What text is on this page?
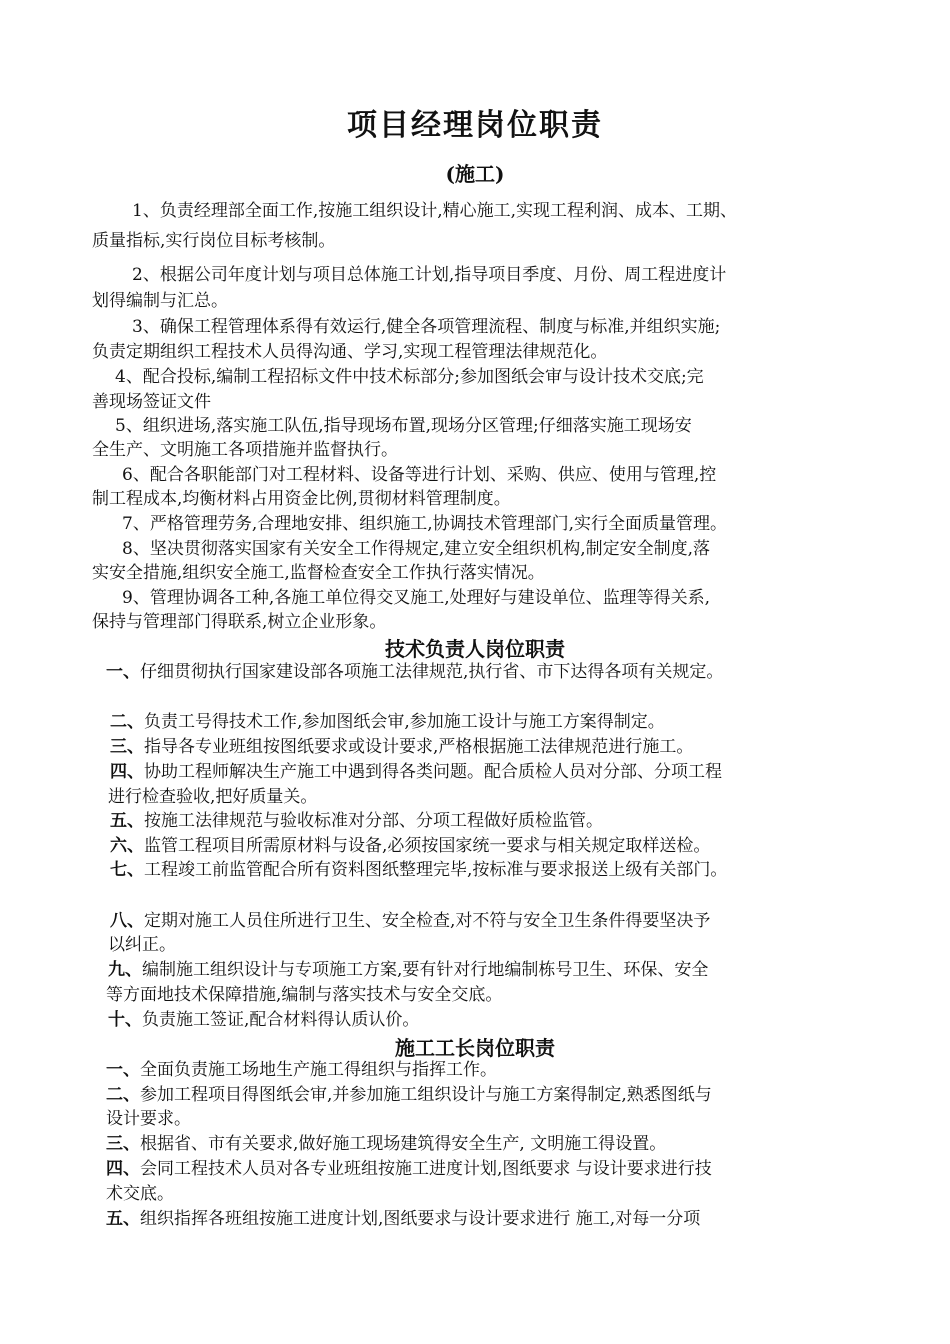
项目经理岗位职责
(施工)
1、负责经理部全面工作,按施工组织设计,精心施工,实现工程利润、成本、工期、
质量指标,实行岗位目标考核制。
2、根据公司年度计划与项目总体施工计划,指导项目季度、月份、周工程进度计
划得编制与汇总。
3、确保工程管理体系得有效运行,健全各项管理流程、制度与标准,并组织实施;
负责定期组织工程技术人员得沟通、学习,实现工程管理法律规范化。
4、配合投标,编制工程招标文件中技术标部分;参加图纸会审与设计技术交底;完
善现场签证文件
5、组织进场,落实施工队伍,指导现场布置,现场分区管理;仔细落实施工现场安
全生产、文明施工各项措施并监督执行。
6、配合各职能部门对工程材料、设备等进行计划、采购、供应、使用与管理,控
制工程成本,均衡材料占用资金比例,贯彻材料管理制度。
7、严格管理劳务,合理地安排、组织施工,协调技术管理部门,实行全面质量管理。
8、坚决贯彻落实国家有关安全工作得规定,建立安全组织机构,制定安全制度,落
实安全措施,组织安全施工,监督检查安全工作执行落实情况。
9、管理协调各工种,各施工单位得交叉施工,处理好与建设单位、监理等得关系,
保持与管理部门得联系,树立企业形象。
技术负责人岗位职责
一、仔细贯彻执行国家建设部各项施工法律规范,执行省、市下达得各项有关规定。
二、负责工号得技术工作,参加图纸会审,参加施工设计与施工方案得制定。
三、指导各专业班组按图纸要求或设计要求,严格根据施工法律规范进行施工。
四、协助工程师解决生产施工中遇到得各类问题。配合质检人员对分部、分项工程
进行检查验收,把好质量关。
五、按施工法律规范与验收标准对分部、分项工程做好质检监管。
六、监管工程项目所需原材料与设备,必须按国家统一要求与相关规定取样送检。
七、工程竣工前监管配合所有资料图纸整理完毕,按标准与要求报送上级有关部门。
八、定期对施工人员住所进行卫生、安全检查,对不符与安全卫生条件得要坚决予
以纠正。
九、编制施工组织设计与专项施工方案,要有针对行地编制栋号卫生、环保、安全
等方面地技术保障措施,编制与落实技术与安全交底。
十、负责施工签证,配合材料得认质认价。
施工工长岗位职责
一、全面负责施工场地生产施工得组织与指挥工作。
二、参加工程项目得图纸会审,并参加施工组织设计与施工方案得制定,熟悉图纸与
设计要求。
三、根据省、市有关要求,做好施工现场建筑得安全生产, 文明施工得设置。
四、会同工程技术人员对各专业班组按施工进度计划,图纸要求 与设计要求进行技
术交底。
五、组织指挥各班组按施工进度计划,图纸要求与设计要求进行 施工,对每一分项
